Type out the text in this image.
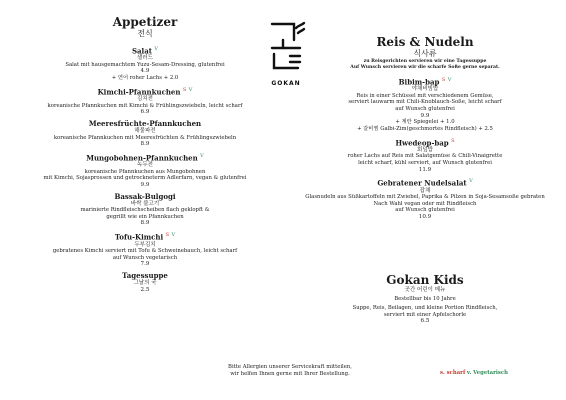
Appetizer
전식
Salat $^V$
샐러드
Salat mit hausgemachtem Yuzu-Sesam-Dressing, glutenfrei
4.9
+ 연어 roher Lachs + 2.0
Kimchi-Pfannkuchen $^S$ $^V$
김치전
koreanische Pfannkuchen mit Kimchi & Frühlingszwiebeln, leicht scharf
6.9
Meeresfrüchte-Pfannkuchen
해물파전
koreanische Pfannkuchen mit Meeresfrüchten & Frühlingszwiebeln
8.9
Mungobohnen-Pfannkuchen $^V$
녹두전
koreanische Pfannkuchen aus Mungobohnen
mit Kimchi, Sojasprossen und getrockneterm Adlerfarn, vegan & glutenfrei
9.9
Bassak-Bulgogi
바싹 불고기
marinierte Rindfleischscheiben flach geklopft &
gegrillt wie ein Pfannkuchen
8.9
Tofu-Kimchi $^S$ $^V$
두부김치
gebratenes Kimchi serviert mit Tofu & Schweinebauch, leicht scharf
auf Wunsch vegetarisch
7.9
Tagessuppe
그날의 국
2.5
GOKAN
Reis & Nudeln
식사류
zu Reisgerichten servieren wir eine Tagessuppe
Auf Wunsch servieren wir die scharfe Soße gerne separat.
Bibim-bap $^S$ $^V$
야채비빔밥
Reis in einer Schüssel mit verschiedenem Gemüse,
serviert lauwarm mit Chili-Knoblauch-Soße, leicht scharf
auf Wunsch glutenfrei
9.9
+ 계란 Spiegelei + 1.0
+ 갈비찜 Galbi-Zim(geschmortes Rindfleisch) + 2.5
Hwedeop-bap $^S$
회덮밥
roher Lachs auf Reis mit Salatgemüse & Chili-Vinaigrette
leicht scharf, kühl serviert, auf Wunsch glutenfrei
11.9
Gebratener Nudelsalat $^V$
잡채
Glasnudeln aus Süßkartoffeln mit Zwiebel, Paprika & Pilzen in Soja-Sesamsoße gebraten
Nach Wahl vegan oder mit Rindfleisch
auf Wunsch glutenfrei
10.9
Gokan Kids
곳간 어린이 메뉴
Bestellbar bis 10 Jahre
Suppe, Reis, Beilagen, und kleine Portion Rindfleisch,
serviert mit einer Apfelschorle
6.5
Bitte Allergien unserer Servicekraft mitteilen,
wir helfen Ihnen gerne mit Ihrer Bestellung.	s. scharf v. Vegetarisch
